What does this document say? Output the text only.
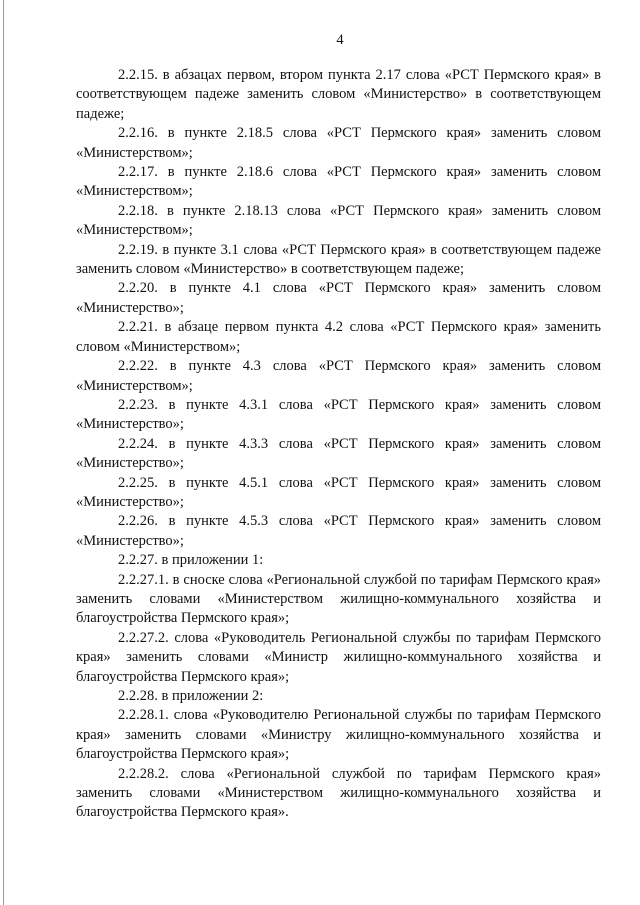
4

2.2.15. в абзацах первом, втором пункта 2.17 слова «РСТ Пермского края» в соответствующем падеже заменить словом «Министерство» в соответствующем падеже;

2.2.16. в пункте 2.18.5 слова «РСТ Пермского края» заменить словом «Министерством»;

2.2.17. в пункте 2.18.6 слова «РСТ Пермского края» заменить словом «Министерством»;

2.2.18. в пункте 2.18.13 слова «РСТ Пермского края» заменить словом «Министерством»;

2.2.19. в пункте 3.1 слова «РСТ Пермского края» в соответствующем падеже заменить словом «Министерство» в соответствующем падеже;

2.2.20. в пункте 4.1 слова «РСТ Пермского края» заменить словом «Министерство»;

2.2.21. в абзаце первом пункта 4.2 слова «РСТ Пермского края» заменить словом «Министерством»;

2.2.22. в пункте 4.3 слова «РСТ Пермского края» заменить словом «Министерством»;

2.2.23. в пункте 4.3.1 слова «РСТ Пермского края» заменить словом «Министерство»;

2.2.24. в пункте 4.3.3 слова «РСТ Пермского края» заменить словом «Министерство»;

2.2.25. в пункте 4.5.1 слова «РСТ Пермского края» заменить словом «Министерство»;

2.2.26. в пункте 4.5.3 слова «РСТ Пермского края» заменить словом «Министерство»;

2.2.27. в приложении 1:

2.2.27.1. в сноске слова «Региональной службой по тарифам Пермского края» заменить словами «Министерством жилищно-коммунального хозяйства и благоустройства Пермского края»;

2.2.27.2. слова «Руководитель Региональной службы по тарифам Пермского края» заменить словами «Министр жилищно-коммунального хозяйства и благоустройства Пермского края»;

2.2.28. в приложении 2:

2.2.28.1. слова «Руководителю Региональной службы по тарифам Пермского края» заменить словами «Министру жилищно-коммунального хозяйства и благоустройства Пермского края»;

2.2.28.2. слова «Региональной службой по тарифам Пермского края» заменить словами «Министерством жилищно-коммунального хозяйства и благоустройства Пермского края».
